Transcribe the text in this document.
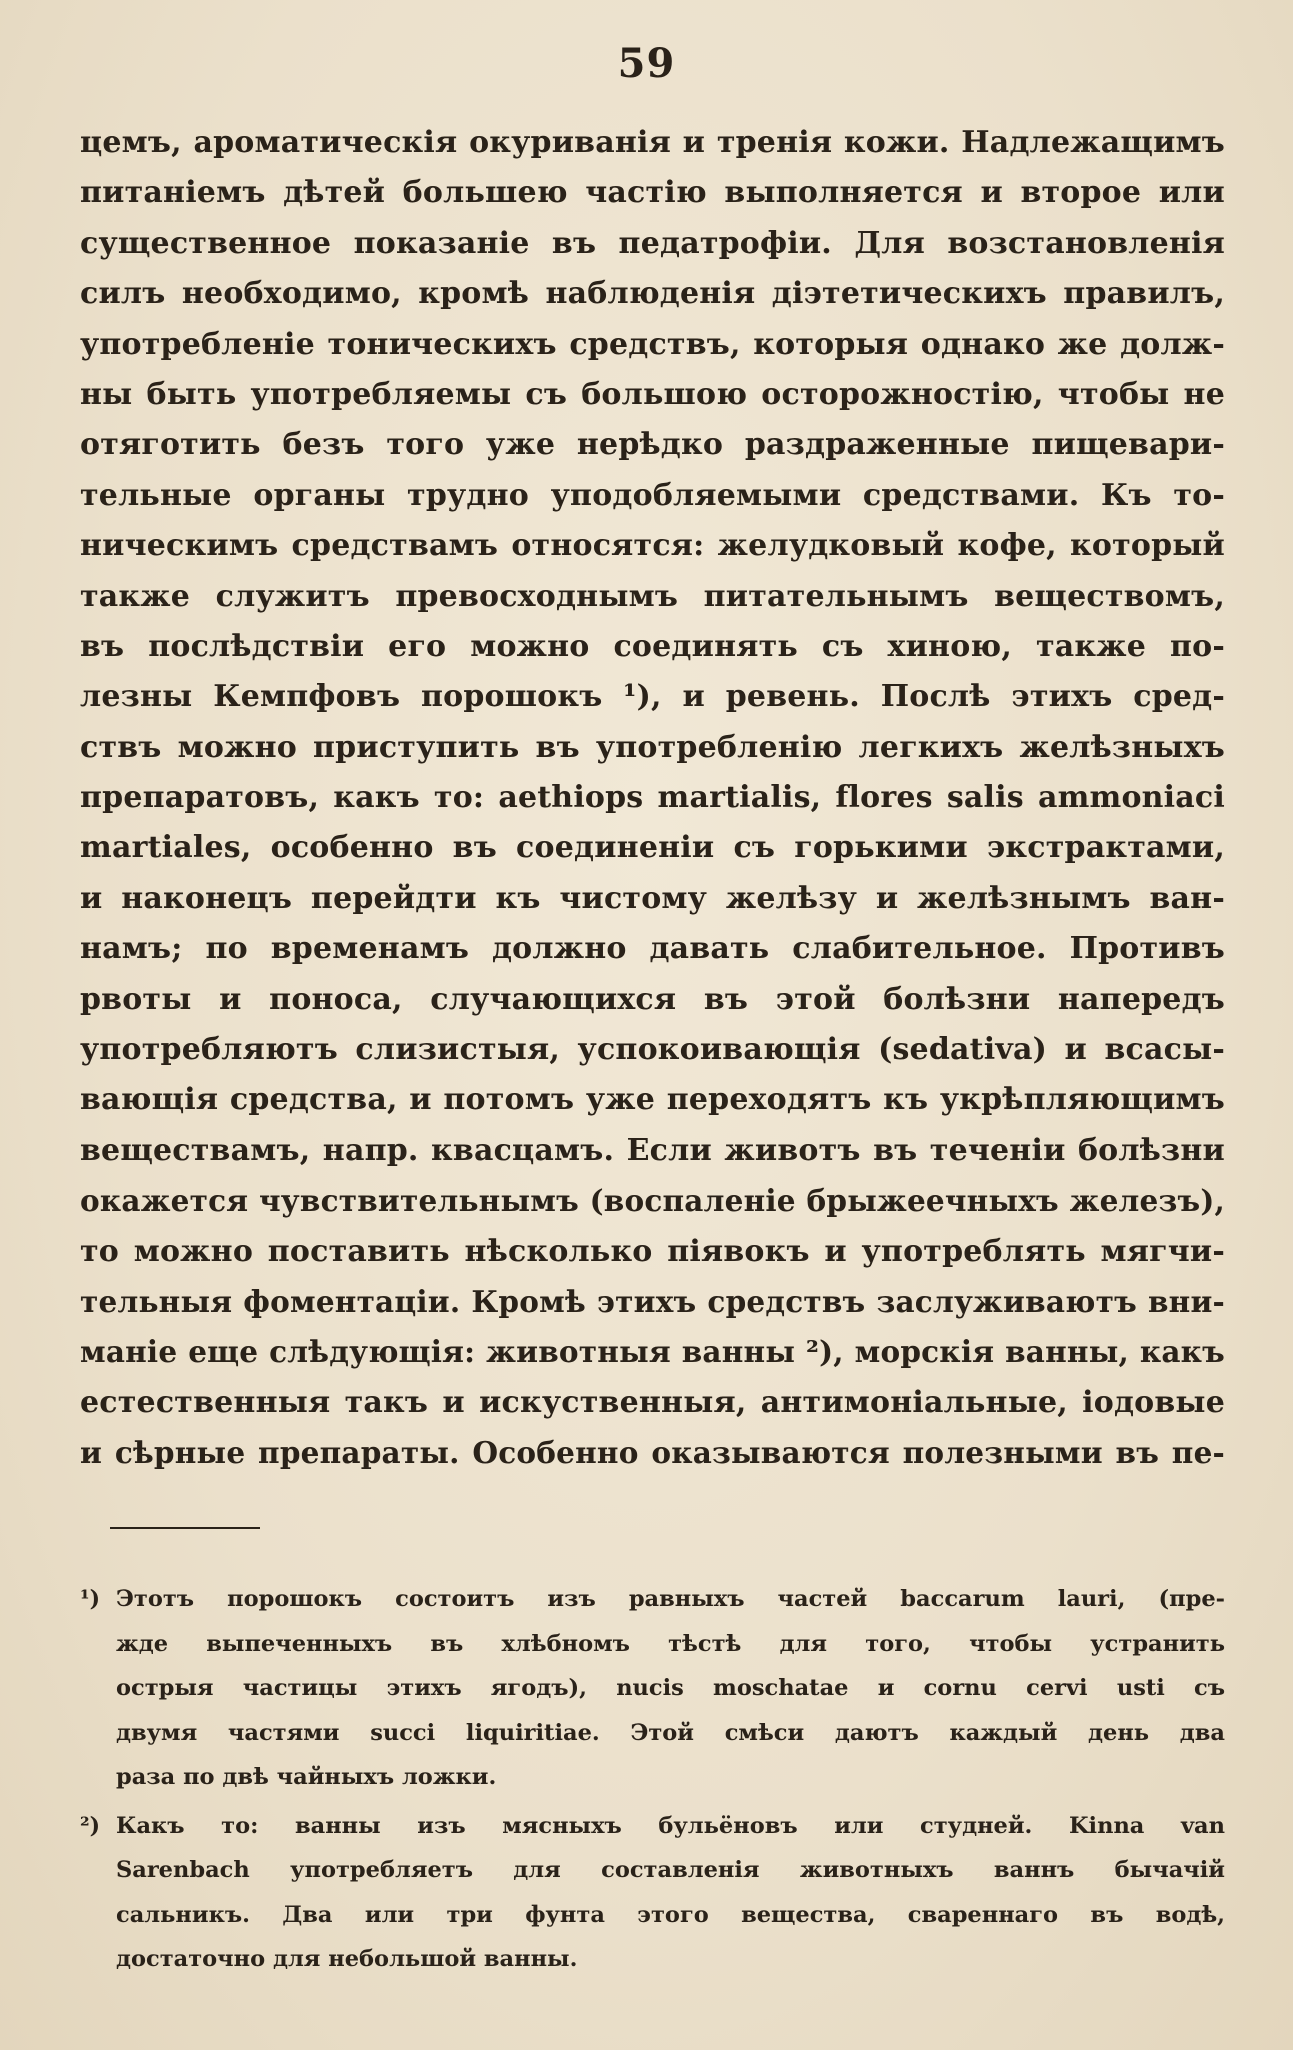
59
цемъ, ароматическія окуриванія и тренія кожи. Надлежащимъ
питаніемъ дѣтей большею частію выполняется и второе или
существенное показаніе въ педатрофіи. Для возстановленія
силъ необходимо, кромѣ наблюденія діэтетическихъ правилъ,
употребленіе тоническихъ средствъ, которыя однако же долж-
ны быть употребляемы съ большою осторожностію, чтобы не
отяготить безъ того уже нерѣдко раздраженные пищевари-
тельные органы трудно уподобляемыми средствами. Къ то-
ническимъ средствамъ относятся: желудковый кофе, который
также служитъ превосходнымъ питательнымъ веществомъ,
въ послѣдствіи его можно соединять съ хиною, также по-
лезны Кемпфовъ порошокъ ¹), и ревень. Послѣ этихъ сред-
ствъ можно приступить въ употребленію легкихъ желѣзныхъ
препаратовъ, какъ то: aethiops martialis, flores salis ammoniaci
martiales, особенно въ соединеніи съ горькими экстрактами,
и наконецъ перейдти къ чистому желѣзу и желѣзнымъ ван-
намъ; по временамъ должно давать слабительное. Противъ
рвоты и поноса, случающихся въ этой болѣзни напередъ
употребляютъ слизистыя, успокоивающія (sedativa) и всасы-
вающія средства, и потомъ уже переходятъ къ укрѣпляющимъ
веществамъ, напр. квасцамъ. Если животъ въ теченіи болѣзни
окажется чувствительнымъ (воспаленіе брыжеечныхъ железъ),
то можно поставить нѣсколько піявокъ и употреблять мягчи-
тельныя фоментаціи. Кромѣ этихъ средствъ заслуживаютъ вни-
маніе еще слѣдующія: животныя ванны ²), морскія ванны, какъ
естественныя такъ и искуственныя, антимоніальные, іодовые
и сѣрные препараты. Особенно оказываются полезными въ пе-
¹) Этотъ порошокъ состоитъ изъ равныхъ частей baccarum lauri, (пре-
жде выпеченныхъ въ хлѣбномъ тѣстѣ для того, чтобы устранить
острыя частицы этихъ ягодъ), nucis moschatae и cornu cervi usti съ
двумя частями succi liquiritiae. Этой смѣси даютъ каждый день два
раза по двѣ чайныхъ ложки.
²) Какъ то: ванны изъ мясныхъ бульёновъ или студней. Kinna van
Sarenbach употребляетъ для составленія животныхъ ваннъ бычачій
сальникъ. Два или три фунта этого вещества, свареннаго въ водѣ,
достаточно для небольшой ванны.
